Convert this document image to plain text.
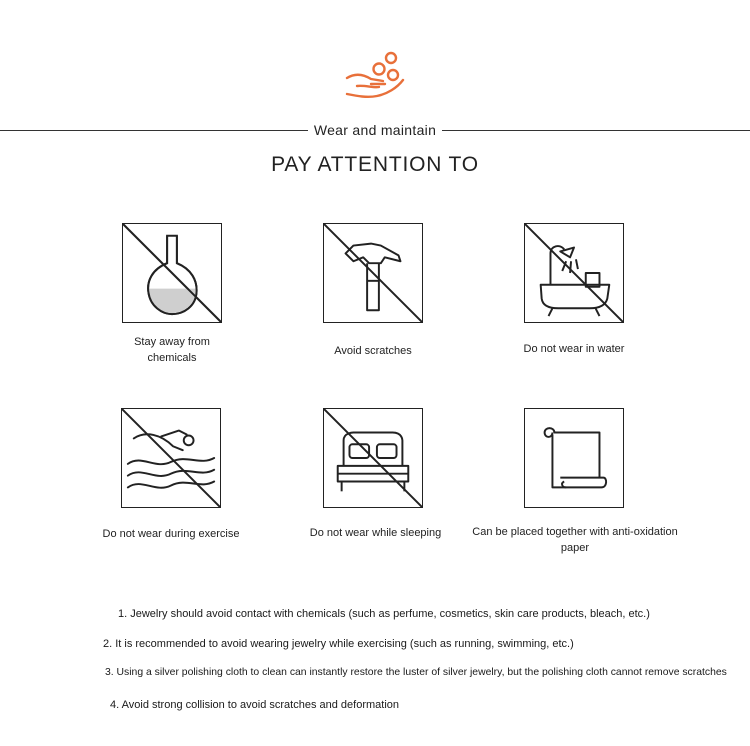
Wear and maintain
PAY ATTENTION TO
Stay away from chemicals
Avoid scratches	Do not wear in water
Do not wear during exercise	Do not wear while sleeping	Can be placed together with anti-oxidation paper
1. Jewelry should avoid contact with chemicals (such as perfume, cosmetics, skin care products, bleach, etc.)
2. It is recommended to avoid wearing jewelry while exercising (such as running, swimming, etc.)
3. Using a silver polishing cloth to clean can instantly restore the luster of silver jewelry, but the polishing cloth cannot remove scratches
4. Avoid strong collision to avoid scratches and deformation
